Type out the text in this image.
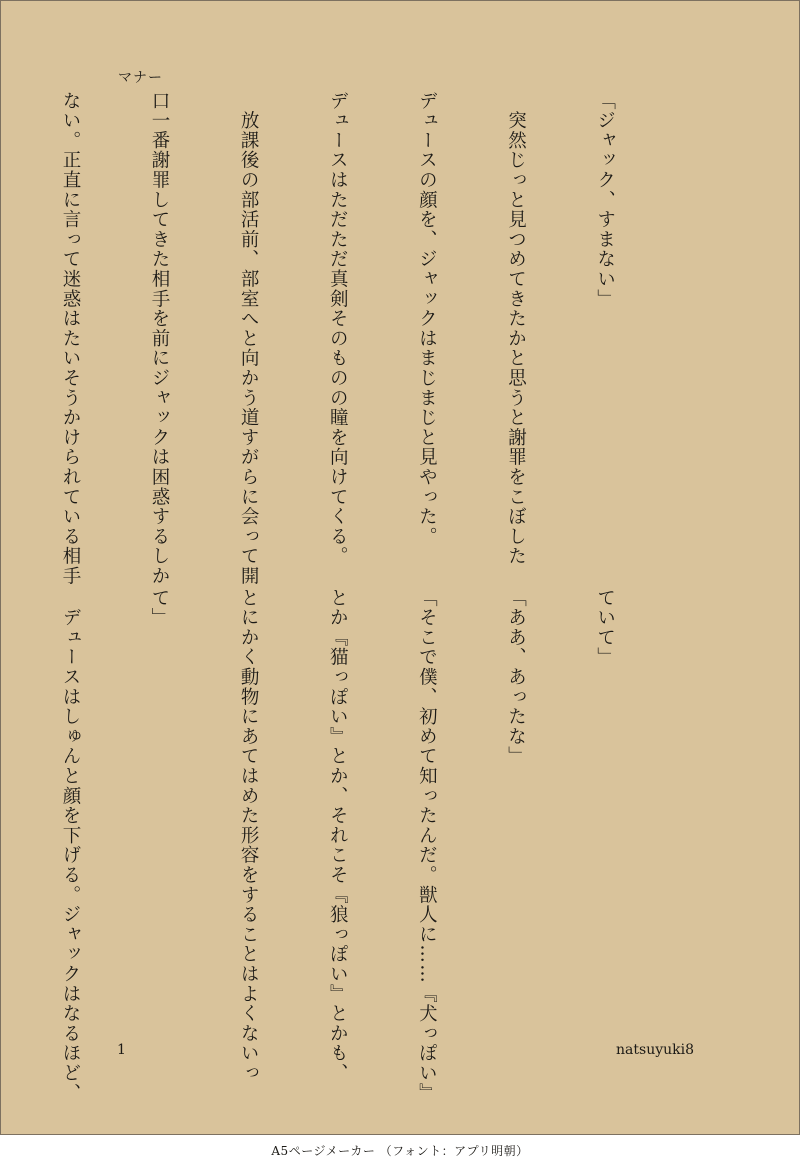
マナー

「ジャック、すまない」

　突然じっと見つめてきたかと思うと謝罪をこぼした

デュースの顔を、ジャックはまじまじと見やった。

デュースはただただ真剣そのものの瞳を向けてくる。

　放課後の部活前、部室へと向かう道すがらに会って開

口一番謝罪してきた相手を前にジャックは困惑するしか

ない。正直に言って迷惑はたいそうかけられている相手

ていて」

「ああ、あったな」

「そこで僕、初めて知ったんだ。獣人に……『犬っぽい』

とか『猫っぽい』とか、それこそ『狼っぽい』とかも、

とにかく動物にあてはめた形容をすることはよくないっ

て」

　デュースはしゅんと顔を下げる。ジャックはなるほど、

	1	natsuyuki8
A5ページメーカー （フォント：アプリ明朝）
